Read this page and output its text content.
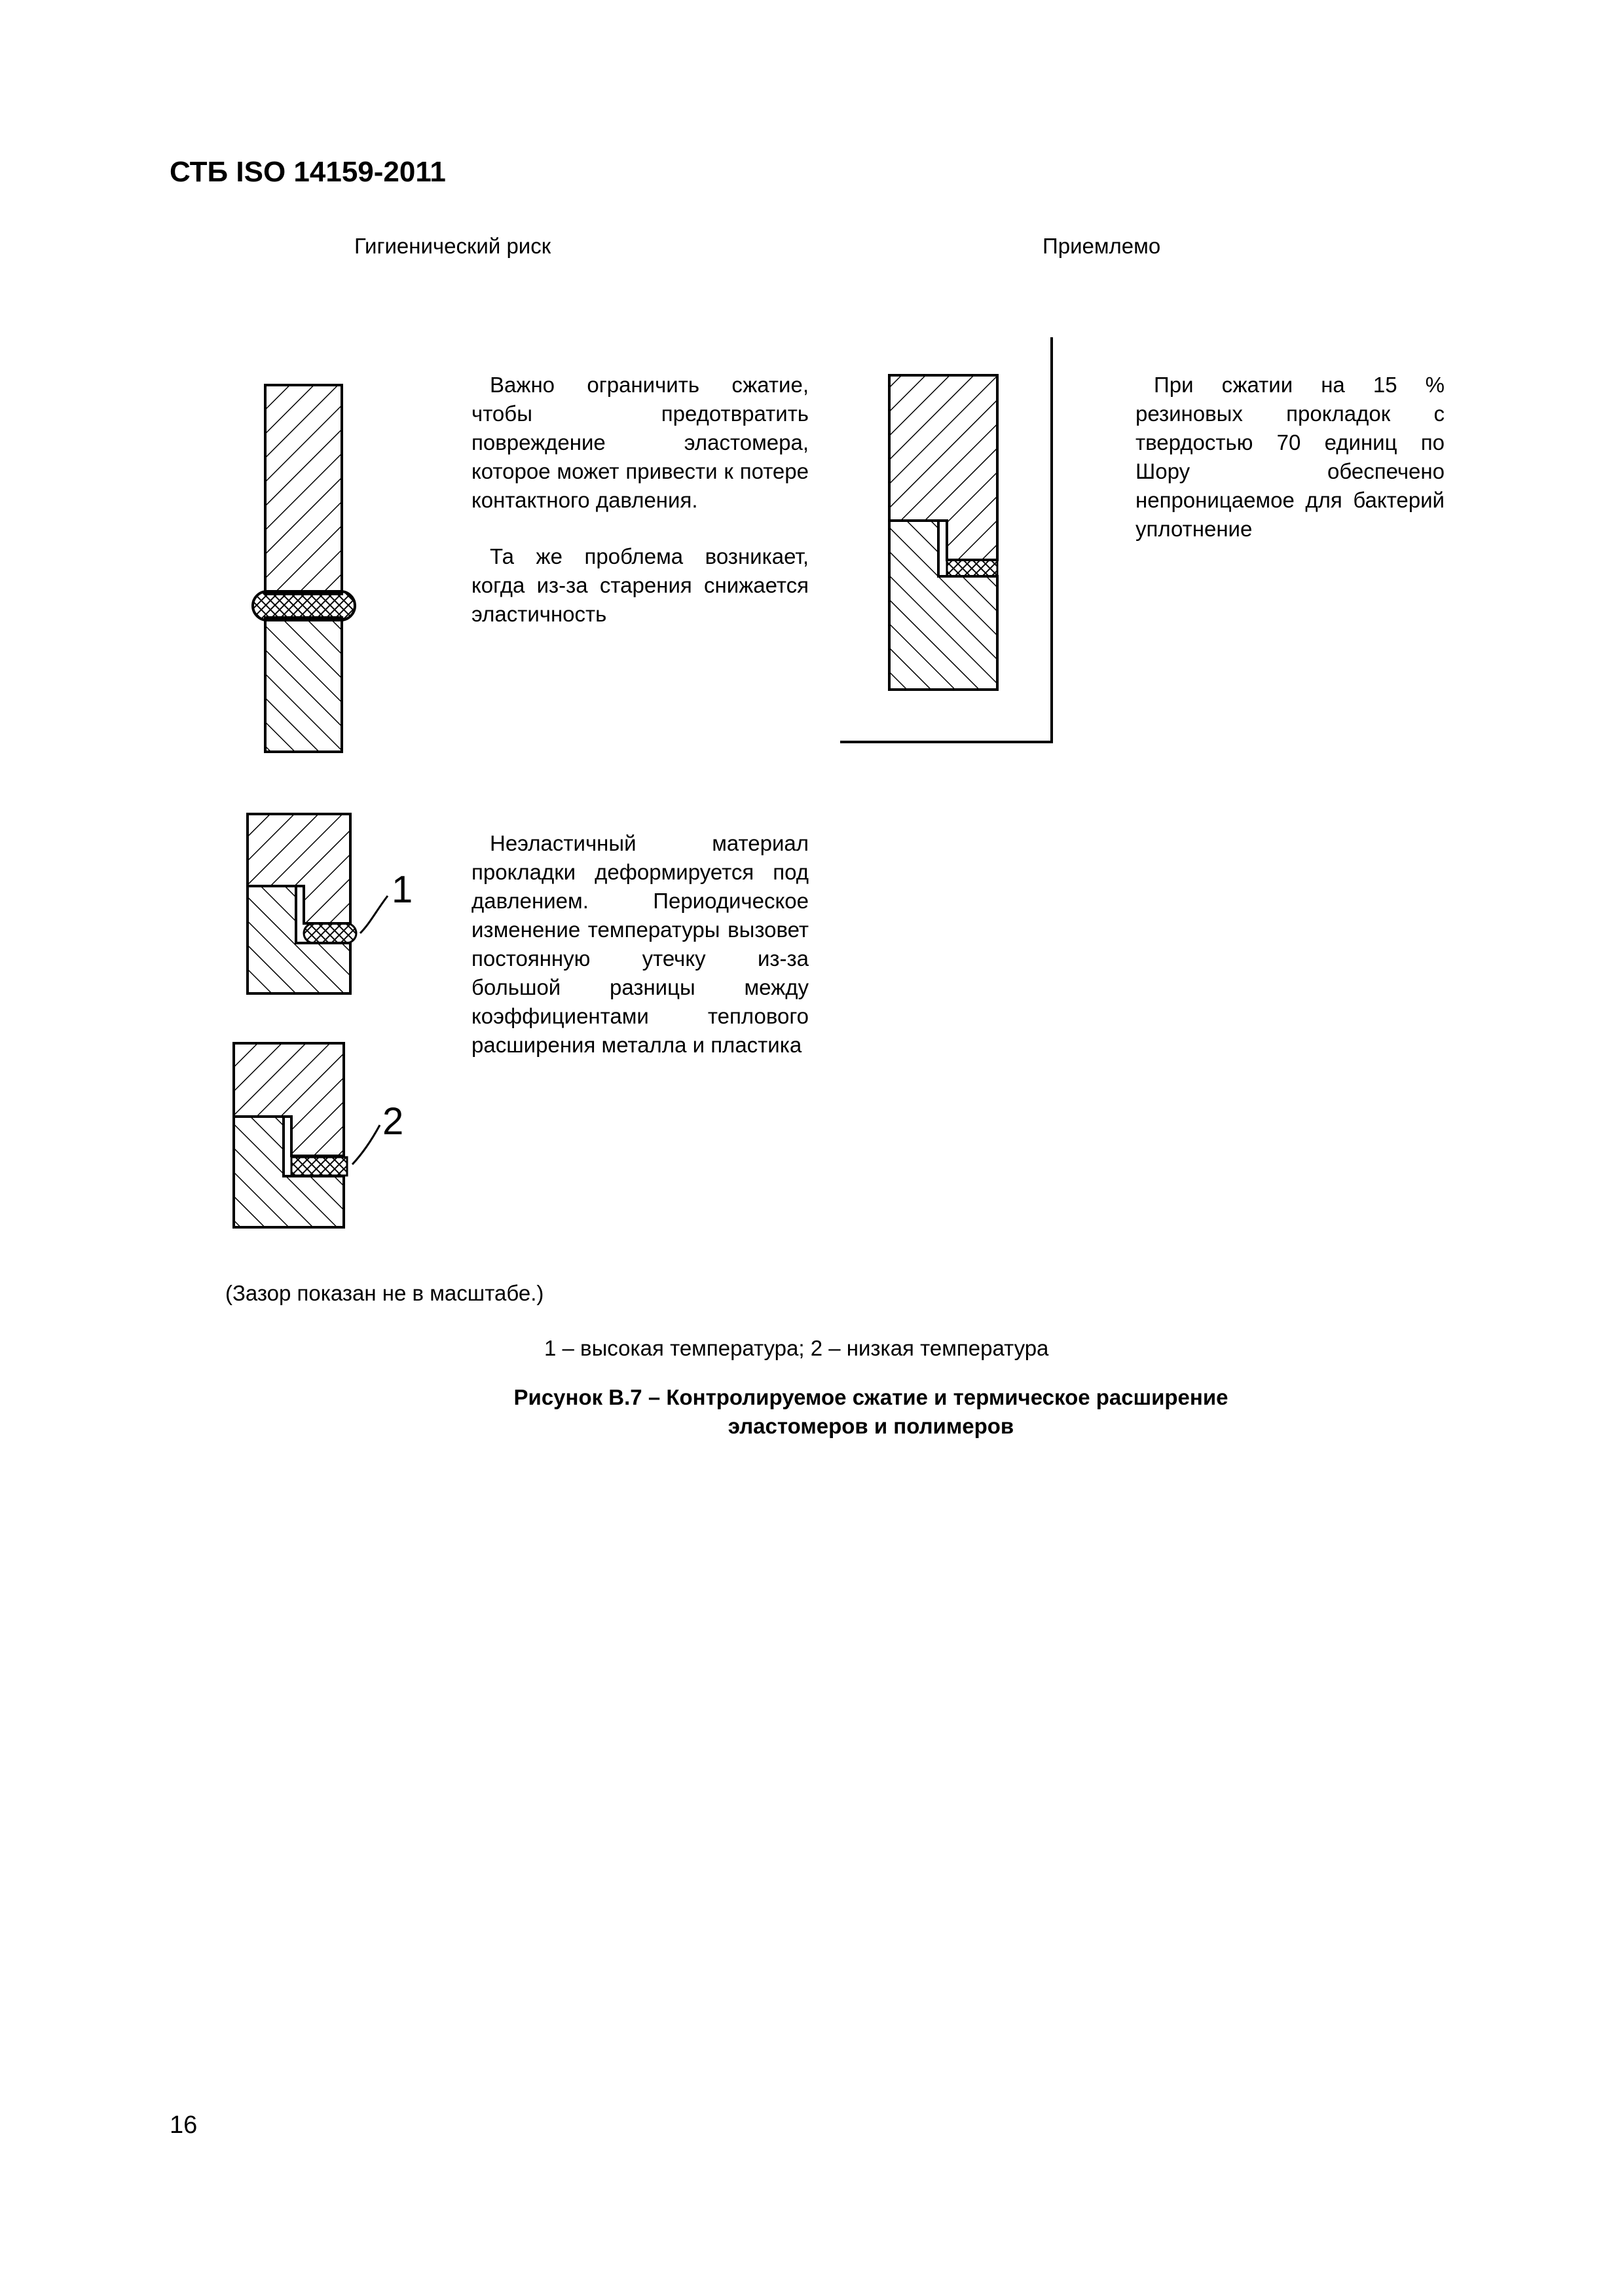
СТБ ISO 14159-2011
Гигиенический риск	Приемлемо
1
2

Важно ограничить сжатие, чтобы предотвратить повреждение эластомера, которое может привести к потере контактного давления.

Та же проблема возникает, когда из-за старения снижается эластичность

При сжатии на 15 % резиновых прокладок с твердостью 70 единиц по Шору обеспечено непроницаемое для бактерий уплотнение

Неэластичный материал прокладки деформируется под давлением. Периодическое изменение температуры вызовет постоянную утечку из-за большой разницы между коэффициентами теплового расширения металла и пластика

(Зазор показан не в масштабе.)
1 – высокая температура; 2 – низкая температура
Рисунок В.7 – Контролируемое сжатие и термическое расширение
эластомеров и полимеров
16
